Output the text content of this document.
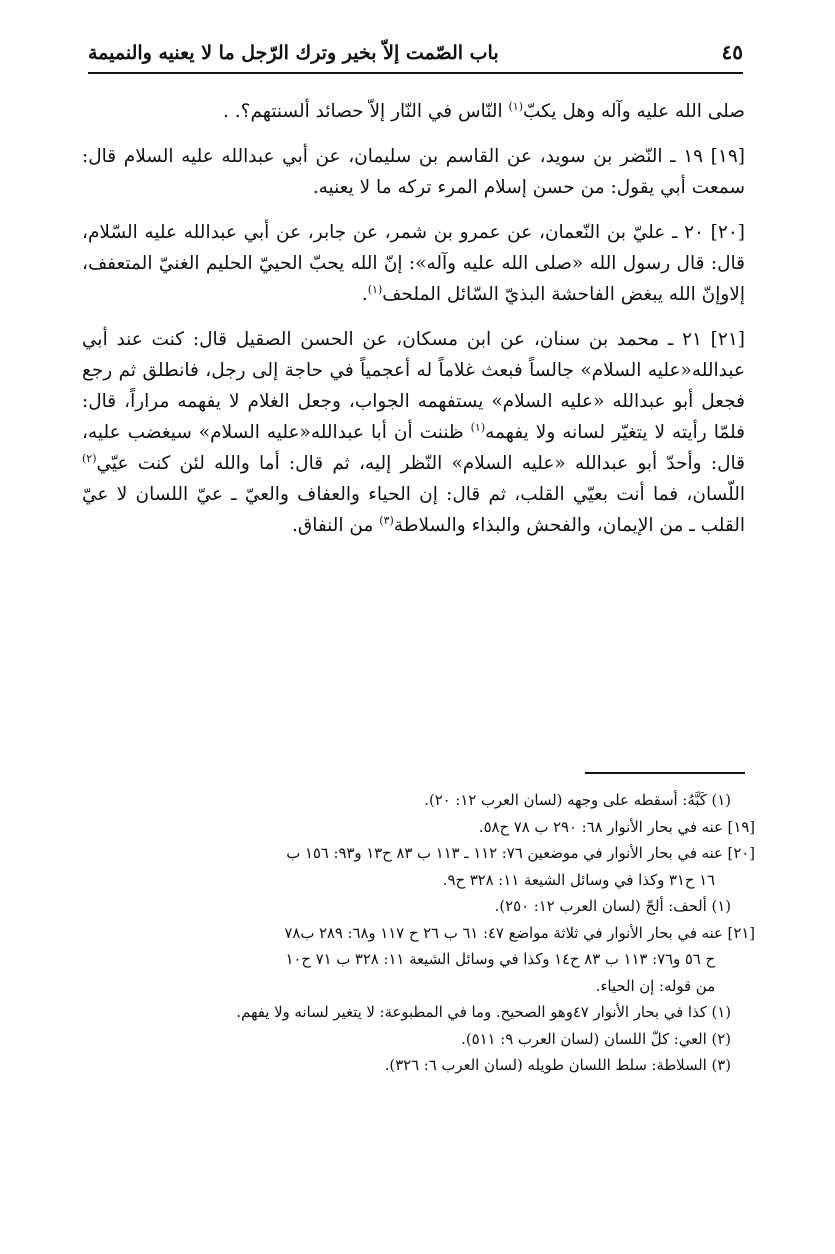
باب الصّمت إلاّ بخير وترك الرّجل ما لا يعنيه والنميمة	٤٥

صلى الله عليه وآله وهل يكبّ$^{(١)}$ النّاس في النّار إلاّ حصائد ألسنتهم؟. .

[١٩] ١٩ ـ النّضر بن سويد، عن القاسم بن سليمان، عن أبي عبدالله عليه السلام قال: سمعت أبي يقول: من حسن إسلام المرء تركه ما لا يعنيه.

[٢٠] ٢٠ ـ عليّ بن النّعمان، عن عمرو بن شمر، عن جابر، عن أبي عبدالله عليه السّلام، قال: قال رسول الله «صلى الله عليه وآله»: إنّ الله يحبّ الحييّ الحليم الغنيّ المتعفف، إلاوإنّ الله يبغض الفاحشة البذيّ السّائل الملحف$^{(١)}$.

[٢١] ٢١ ـ محمد بن سنان، عن ابن مسكان، عن الحسن الصقيل قال: كنت عند أبي عبدالله«عليه السلام» جالساً فبعث غلاماً له أعجمياً في حاجة إلى رجل، فانطلق ثم رجع فجعل أبو عبدالله «عليه السلام» يستفهمه الجواب، وجعل الغلام لا يفهمه مراراً، قال: فلمّا رأيته لا يتغيّر لسانه ولا يفهمه$^{(١)}$ ظننت أن أبا عبدالله«عليه السلام» سيغضب عليه، قال: وأحدّ أبو عبدالله «عليه السلام» النّظر إليه، ثم قال: أما والله لئن كنت عيّي$^{(٢)}$ اللّسان، فما أنت بعيّي القلب، ثم قال: إن الحياء والعفاف والعيّ ـ عيّ اللسان لا عيّ القلب ـ من الإيمان، والفحش والبذاء والسلاطة$^{(٣)}$ من النفاق.

(١) كَبَّهُ: أسقطه على وجهه (لسان العرب ١٢: ٢٠).

[١٩] عنه في بحار الأنوار ٦٨: ٢٩٠ ب ٧٨ ح٥٨.

[٢٠] عنه في بحار الأنوار في موضعين ٧٦: ١١٢ ـ ١١٣ ب ٨٣ ح١٣ و٩٣: ١٥٦ ب

١٦ ح٣١ وكذا في وسائل الشيعة ١١: ٣٢٨ ح٩.

(١) ألحف: ألحّ (لسان العرب ١٢: ٢٥٠).

[٢١] عنه في بحار الأنوار في ثلاثة مواضع ٤٧: ٦١ ب ٢٦ ح ١١٧ و٦٨: ٢٨٩ ب٧٨

ح ٥٦ و٧٦: ١١٣ ب ٨٣ ح١٤ وكذا في وسائل الشيعة ١١: ٣٢٨ ب ٧١ ح١٠

من قوله: إن الحياء.

(١) كذا في بحار الأنوار ٤٧وهو الصحيح. وما في المطبوعة: لا يتغير لسانه ولا يفهم.

(٢) العي: كلّ اللسان (لسان العرب ٩: ٥١١).

(٣) السلاطة: سلط اللسان طويله (لسان العرب ٦: ٣٢٦).
